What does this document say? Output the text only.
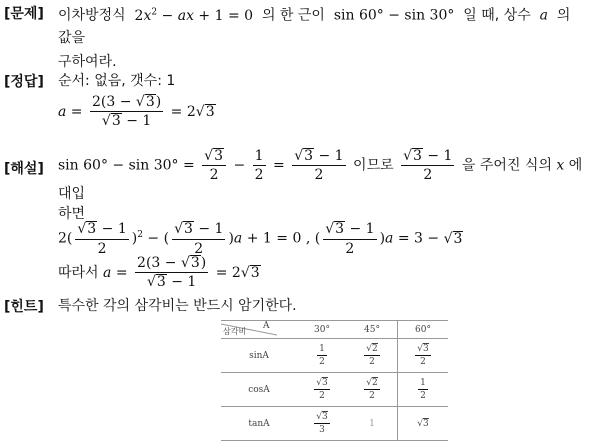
[문제] 이차방정식  $2x^2$ − ax + 1 = 0  의 한 근이  sin 60° − sin 30°  일 때, 상수 a 의 값을
구하여라.
[정답] 순서: 없음, 갯수: 1
$a = \frac{2(3 - √3)}{√3 - 1} = 2√3$
[해설] $\sin 60^\circ - \sin 30^\circ = \frac{√3}{2} - \frac{1}{2} = \frac{√3 - 1}{2}$ 이므로 $\frac{√3 - 1}{2}$ 을 주어진 식의 x 에 대입
하면
$2( \frac{√3 - 1}{2} )^2$ − ( $\frac{√3 - 1}{2} )a + 1 = 0$ , ( $\frac{√3 - 1}{2} )a = 3 - √3$
따라서 $a = \frac{2(3 - √3)}{√3 - 1} = 2√3$
[힌트] 특수한 각의 삼각비는 반드시 암기한다.
A
삼각비	30°	45°	60°
sinA	$\frac{1}{2}$	$\frac{√2}{2}$	$\frac{√3}{2}$

cosA	$\frac{√3}{2}$	$\frac{√2}{2}$	$\frac{1}{2}$

tanA	$\frac{√3}{3}$	1	√3
